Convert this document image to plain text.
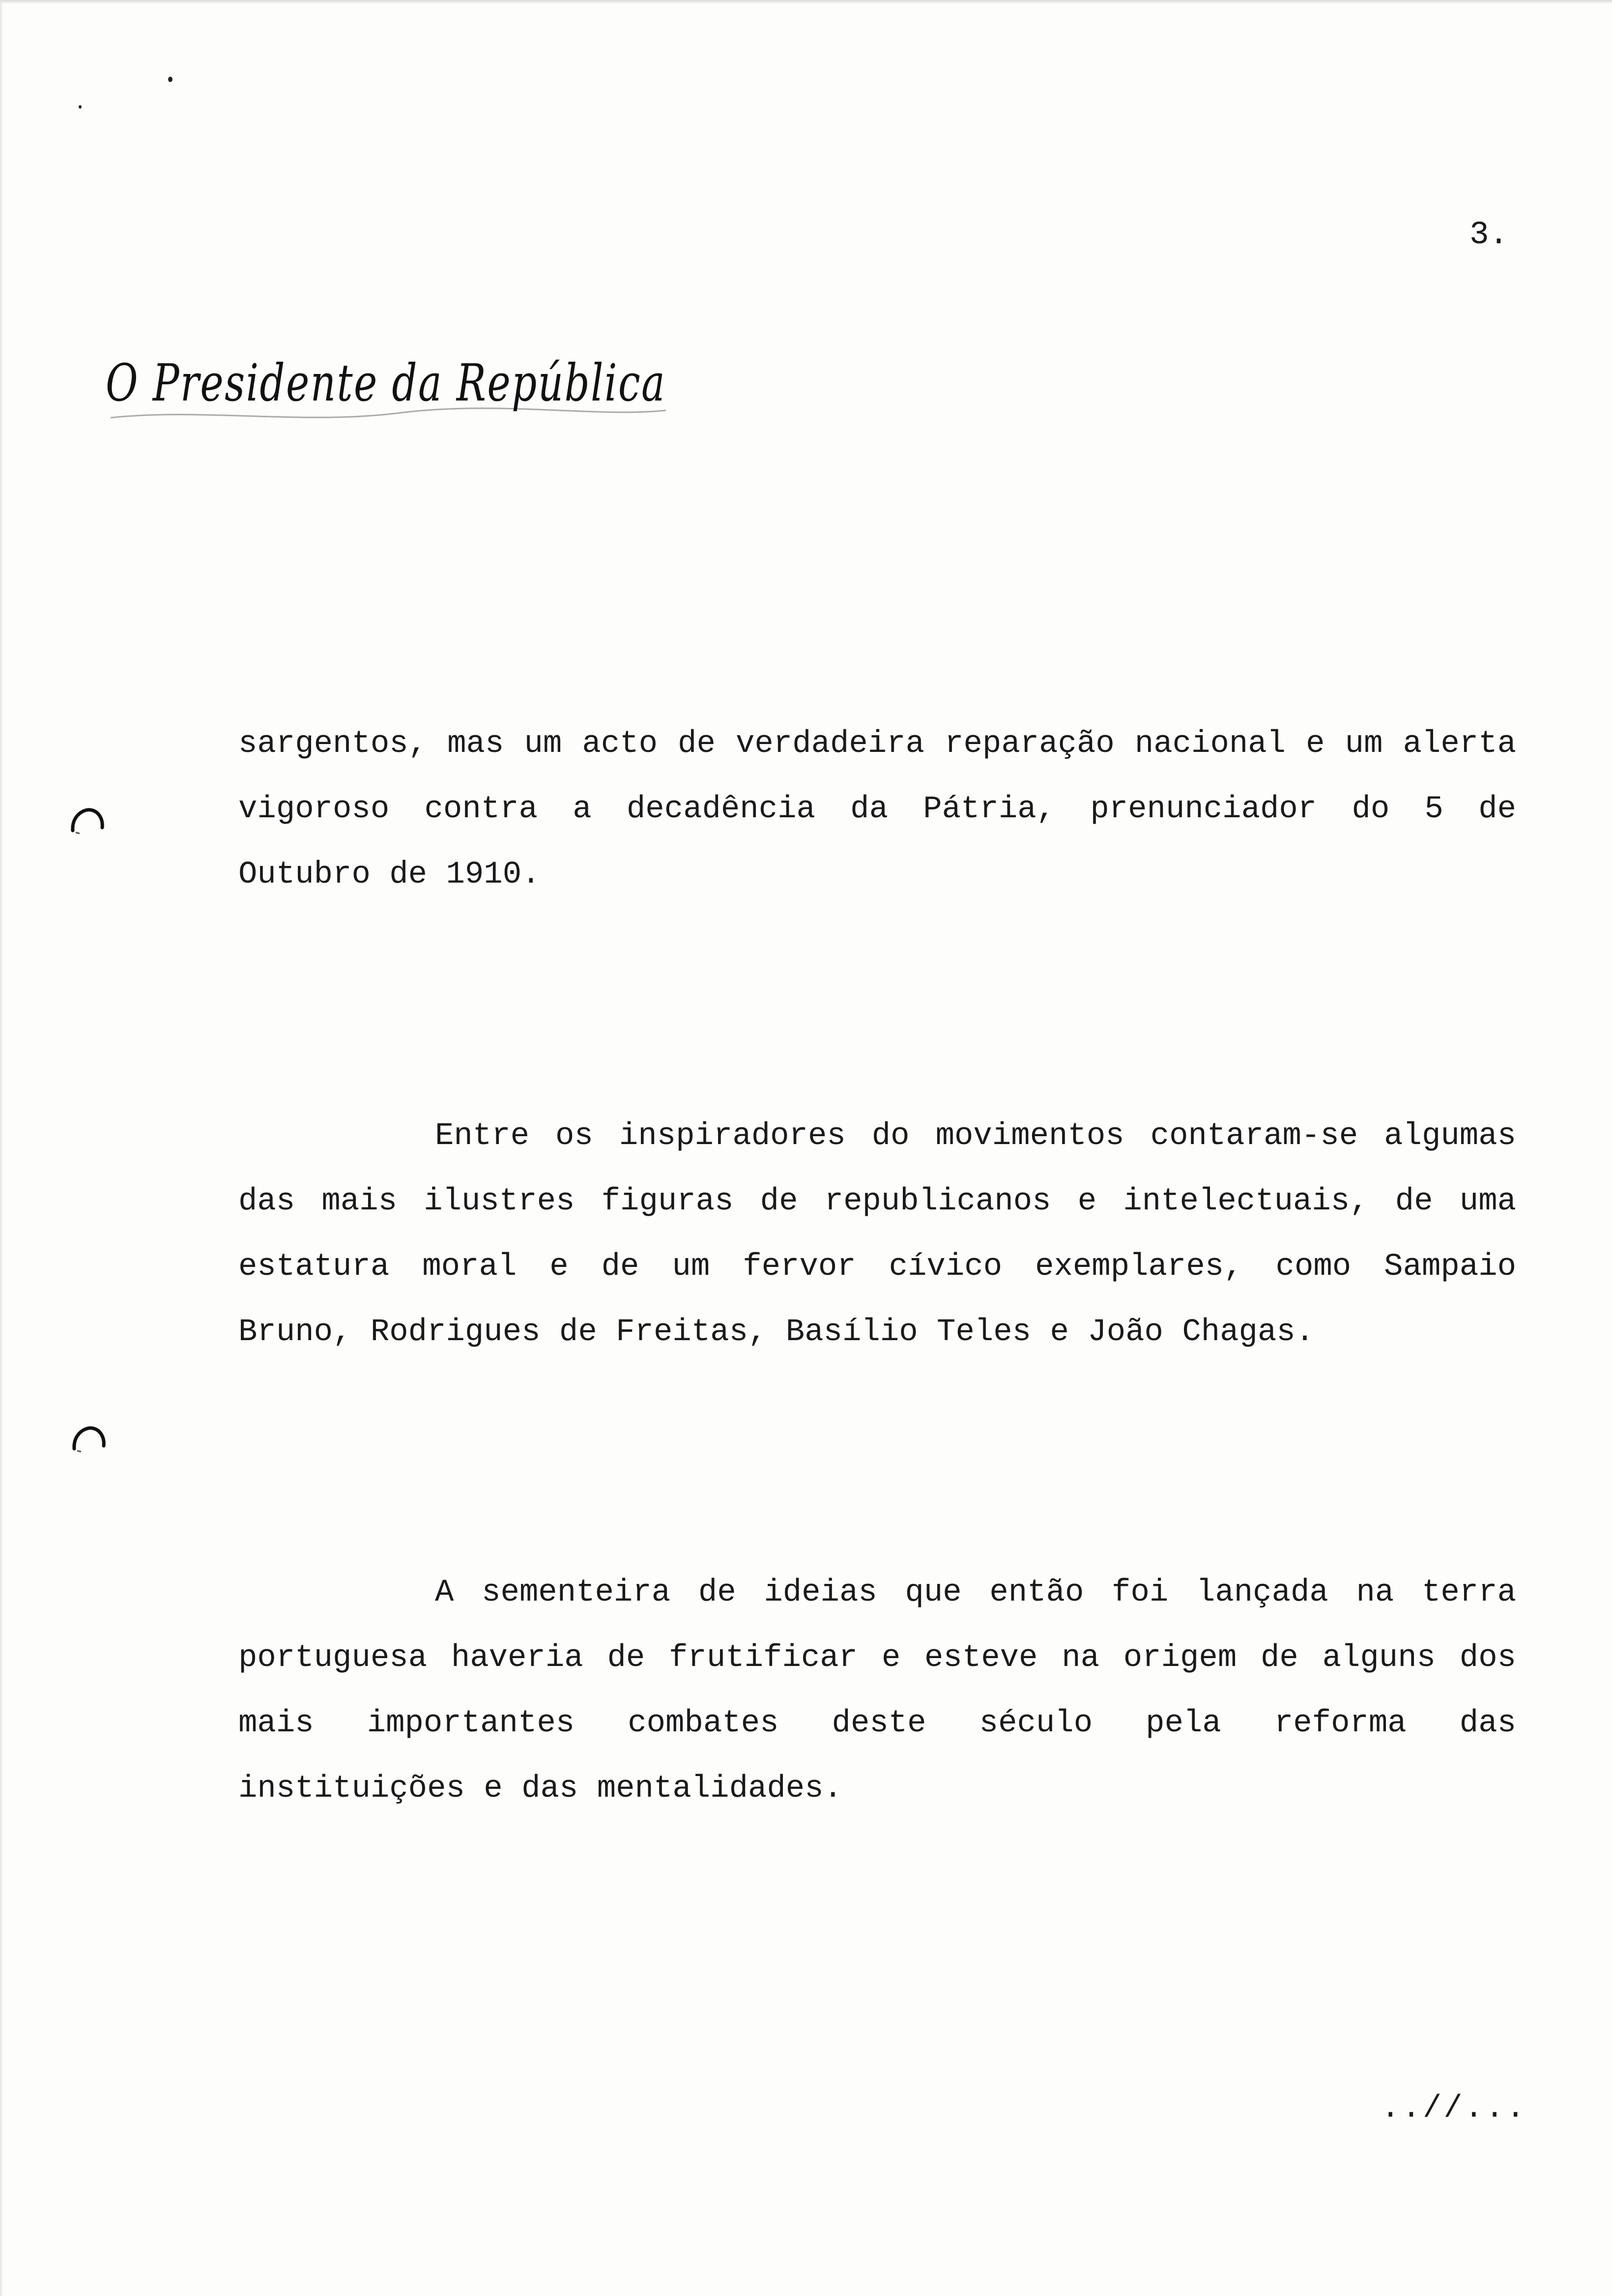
3.

O Presidente da República

sargentos, mas um acto de verdadeira reparação nacional e um alerta vigoroso contra a decadência da Pátria, prenunciador do 5 de Outubro de 1910.

Entre os inspiradores do movimentos contaram-se algumas das mais ilustres figuras de republicanos e intelectuais, de uma estatura moral e de um fervor cívico exemplares, como Sampaio Bruno, Rodrigues de Freitas, Basílio Teles e João Chagas.

A sementeira de ideias que então foi lançada na terra portuguesa haveria de frutificar e esteve na origem de alguns dos mais importantes combates deste século pela reforma das instituições e das mentalidades.

..//...
